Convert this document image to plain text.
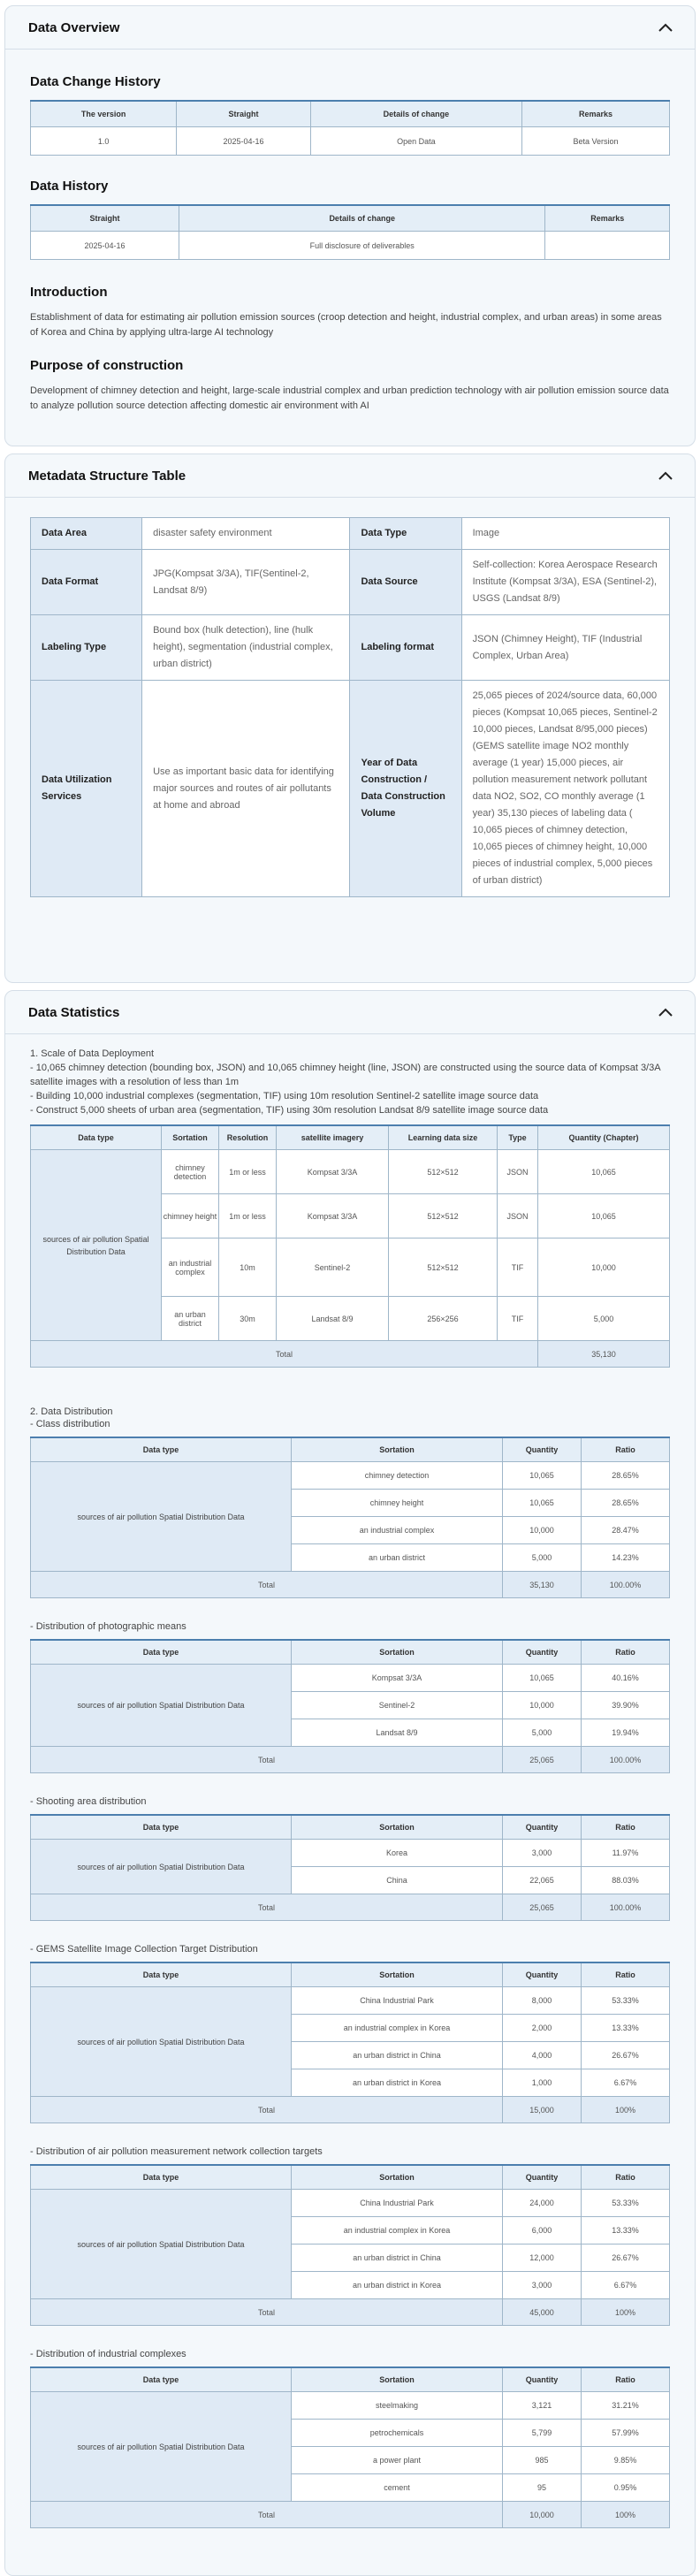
Data Overview
Data Change History
The version	Straight	Details of change	Remarks
1.0	2025-04-16	Open Data	Beta Version
Data History
Straight	Details of change	Remarks
2025-04-16	Full disclosure of deliverables	
Introduction

Establishment of data for estimating air pollution emission sources (croop detection and height, industrial complex, and urban areas) in some areas of Korea and China by applying ultra-large AI technology

Purpose of construction

Development of chimney detection and height, large-scale industrial complex and urban prediction technology with air pollution emission source data to analyze pollution source detection affecting domestic air environment with AI

Metadata Structure Table
Data Area	disaster safety environment	Data Type	Image
Data Format	JPG(Kompsat 3/3A), TIF(Sentinel-2, Landsat 8/9)	Data Source	Self-collection: Korea Aerospace Research Institute (Kompsat 3/3A), ESA (Sentinel-2), USGS (Landsat 8/9)
Labeling Type	Bound box (hulk detection), line (hulk height), segmentation (industrial complex, urban district)	Labeling format	JSON (Chimney Height), TIF (Industrial Complex, Urban Area)
Data Utilization Services	Use as important basic data for identifying major sources and routes of air pollutants at home and abroad	Year of Data Construction / Data Construction Volume	25,065 pieces of 2024/source data, 60,000 pieces (Kompsat 10,065 pieces, Sentinel-2 10,000 pieces, Landsat 8/95,000 pieces) (GEMS satellite image NO2 monthly average (1 year) 15,000 pieces, air pollution measurement network pollutant data NO2, SO2, CO monthly average (1 year) 35,130 pieces of labeling data ( 10,065 pieces of chimney detection, 10,065 pieces of chimney height, 10,000 pieces of industrial complex, 5,000 pieces of urban district)
Data Statistics
1. Scale of Data Deployment
- 10,065 chimney detection (bounding box, JSON) and 10,065 chimney height (line, JSON) are constructed using the source data of Kompsat 3/3A satellite images with a resolution of less than 1m
- Building 10,000 industrial complexes (segmentation, TIF) using 10m resolution Sentinel-2 satellite image source data
- Construct 5,000 sheets of urban area (segmentation, TIF) using 30m resolution Landsat 8/9 satellite image source data
Data type	Sortation	Resolution	satellite imagery	Learning data size	Type	Quantity (Chapter)
sources of air pollution Spatial Distribution Data	chimney detection	1m or less	Kompsat 3/3A	512×512	JSON	10,065
	chimney height	1m or less	Kompsat 3/3A	512×512	JSON	10,065
	an industrial complex	10m	Sentinel-2	512×512	TIF	10,000
	an urban district	30m	Landsat 8/9	256×256	TIF	5,000
Total						35,130
2. Data Distribution
- Class distribution
Data type	Sortation	Quantity	Ratio
sources of air pollution Spatial Distribution Data	chimney detection	10,065	28.65%
	chimney height	10,065	28.65%
	an industrial complex	10,000	28.47%
	an urban district	5,000	14.23%
Total		35,130	100.00%
- Distribution of photographic means
Data type	Sortation	Quantity	Ratio
sources of air pollution Spatial Distribution Data	Kompsat 3/3A	10,065	40.16%
	Sentinel-2	10,000	39.90%
	Landsat 8/9	5,000	19.94%
Total		25,065	100.00%
- Shooting area distribution
Data type	Sortation	Quantity	Ratio
sources of air pollution Spatial Distribution Data	Korea	3,000	11.97%
	China	22,065	88.03%
Total		25,065	100.00%
- GEMS Satellite Image Collection Target Distribution
Data type	Sortation	Quantity	Ratio
sources of air pollution Spatial Distribution Data	China Industrial Park	8,000	53.33%
	an industrial complex in Korea	2,000	13.33%
	an urban district in China	4,000	26.67%
	an urban district in Korea	1,000	6.67%
Total		15,000	100%
- Distribution of air pollution measurement network collection targets
Data type	Sortation	Quantity	Ratio
sources of air pollution Spatial Distribution Data	China Industrial Park	24,000	53.33%
	an industrial complex in Korea	6,000	13.33%
	an urban district in China	12,000	26.67%
	an urban district in Korea	3,000	6.67%
Total		45,000	100%
- Distribution of industrial complexes
Data type	Sortation	Quantity	Ratio
sources of air pollution Spatial Distribution Data	steelmaking	3,121	31.21%
	petrochemicals	5,799	57.99%
	a power plant	985	9.85%
	cement	95	0.95%
Total		10,000	100%
